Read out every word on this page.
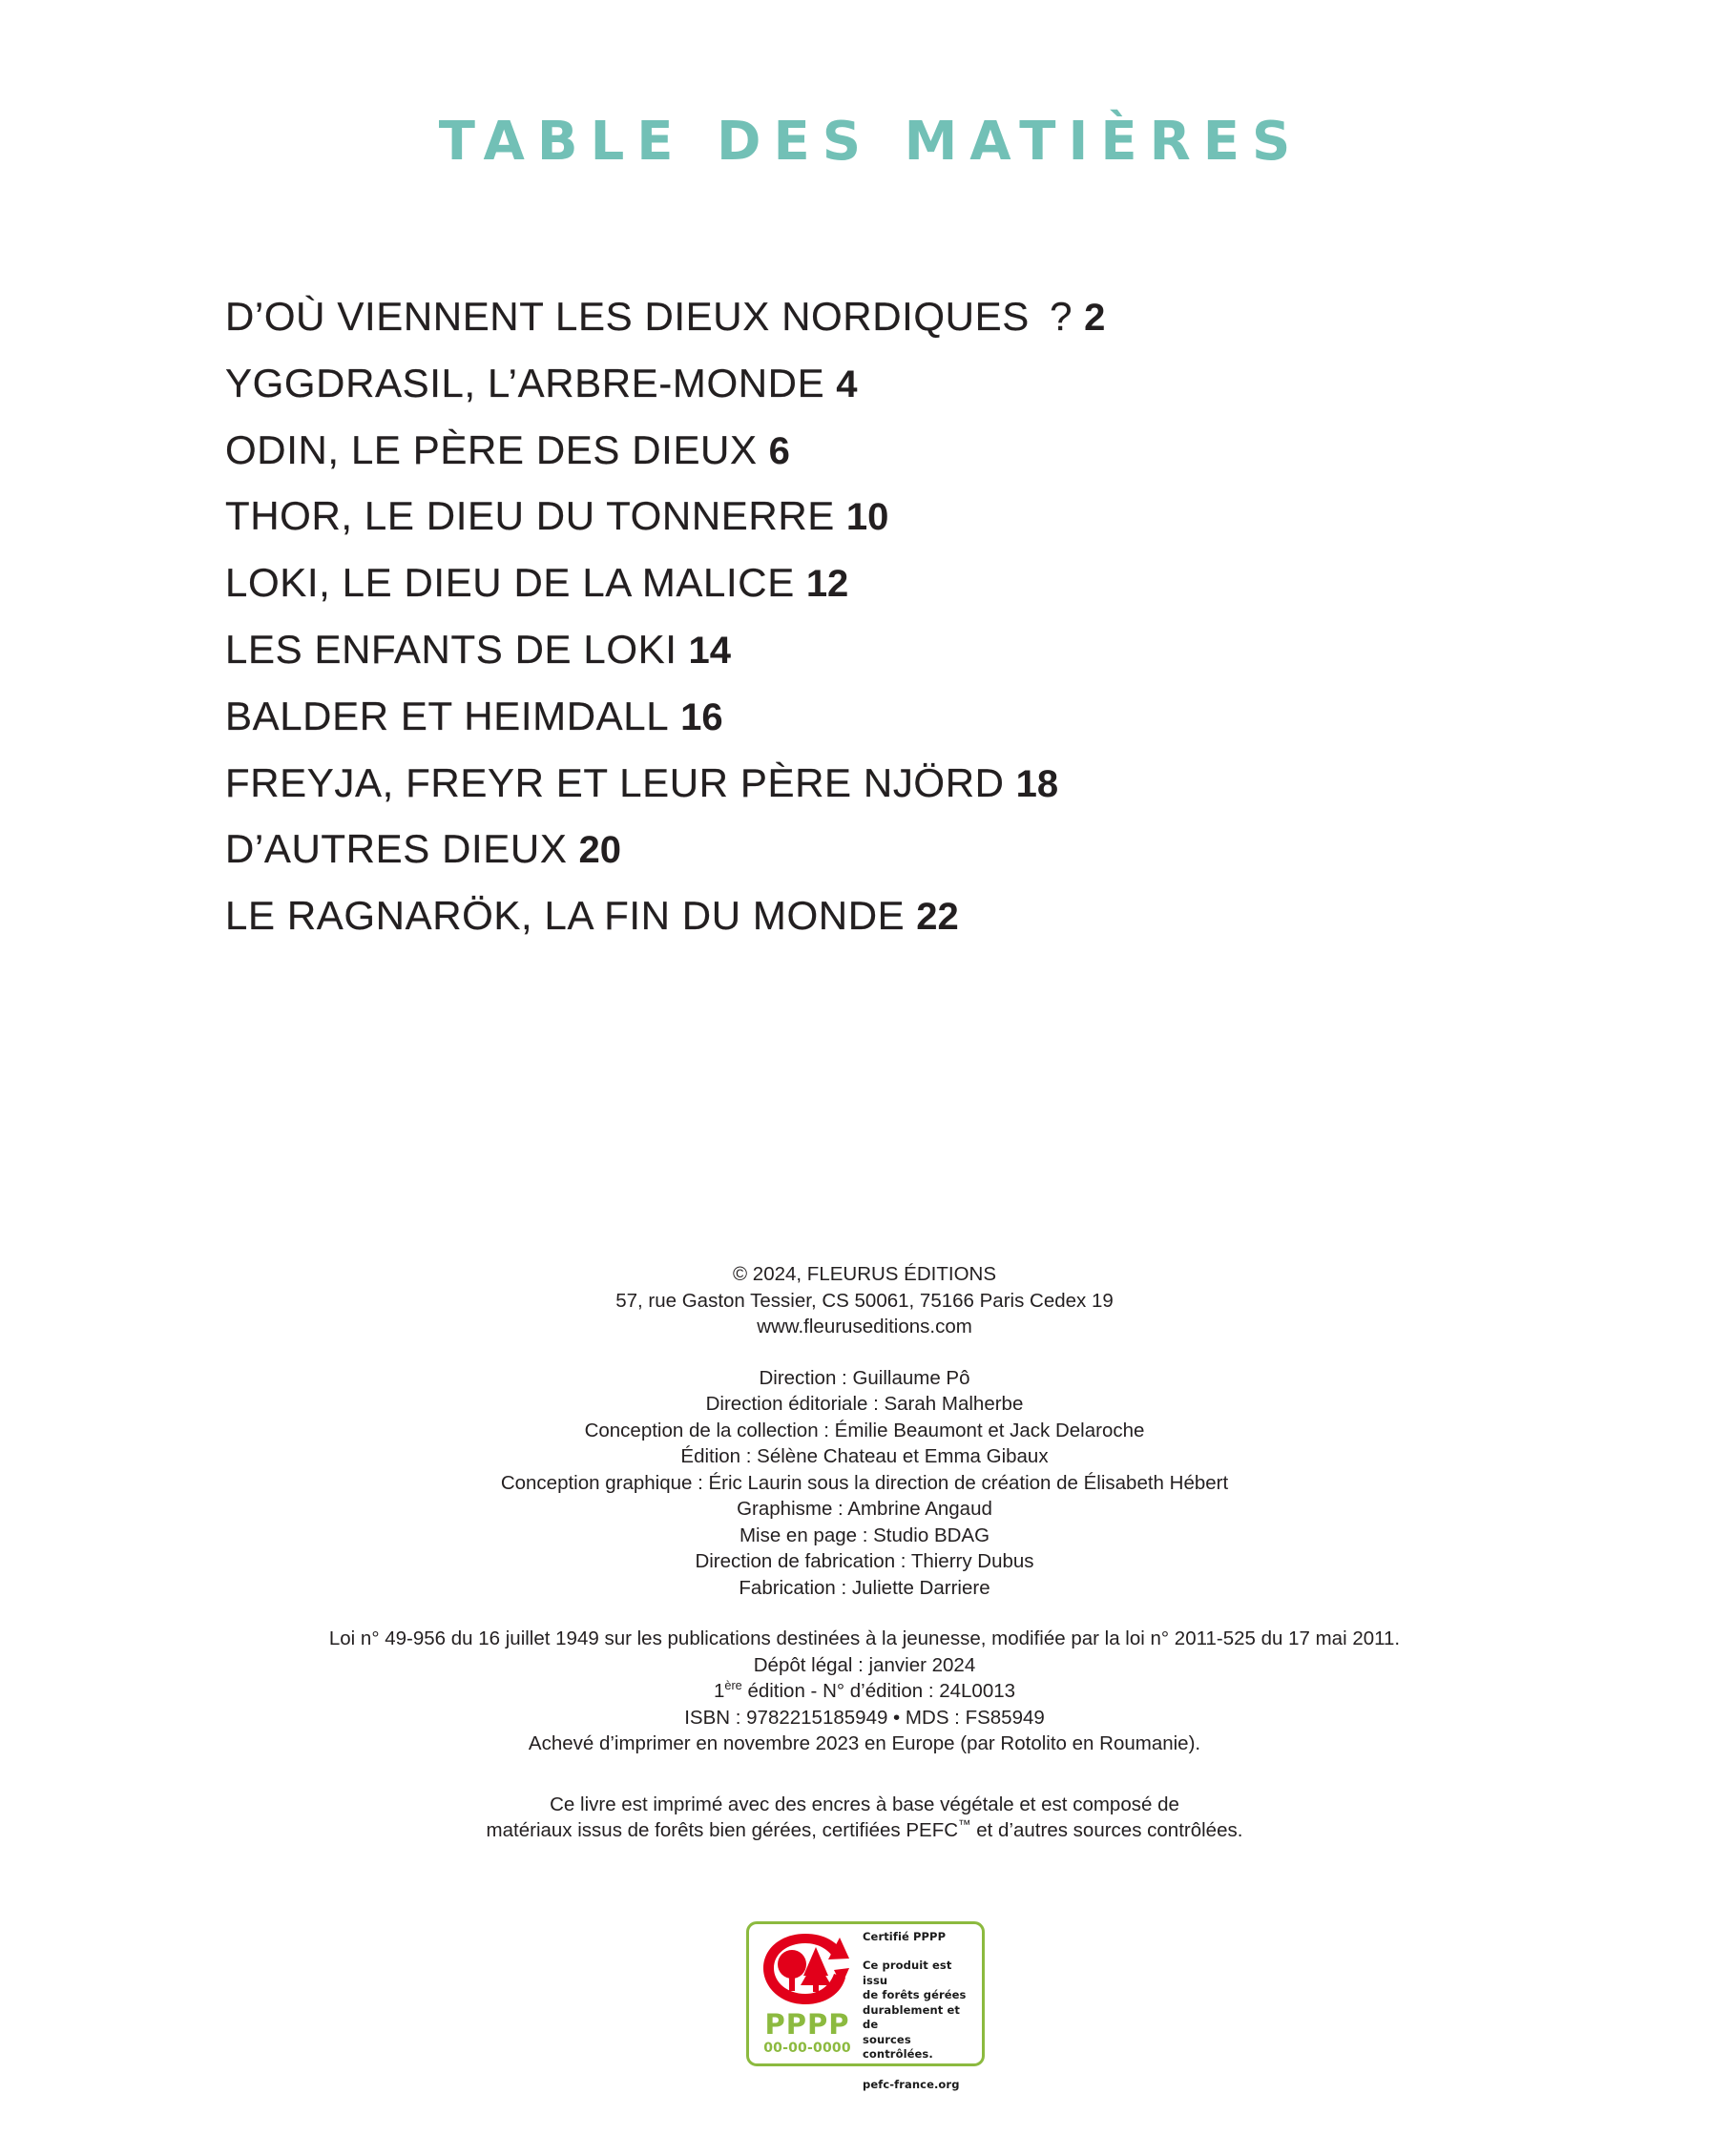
TABLE DES MATIÈRES
D’OÙ VIENNENT LES DIEUX NORDIQUES  ? 2
YGGDRASIL, L’ARBRE-MONDE 4
ODIN, LE PÈRE DES DIEUX 6
THOR, LE DIEU DU TONNERRE 10
LOKI, LE DIEU DE LA MALICE 12
LES ENFANTS DE LOKI 14
BALDER ET HEIMDALL 16
FREYJA, FREYR ET LEUR PÈRE NJÖRD 18
D’AUTRES DIEUX 20
LE RAGNARÖK, LA FIN DU MONDE 22
© 2024, FLEURUS ÉDITIONS
57, rue Gaston Tessier, CS 50061, 75166 Paris Cedex 19
www.fleuruseditions.com
Direction : Guillaume Pô
Direction éditoriale : Sarah Malherbe
Conception de la collection : Émilie Beaumont et Jack Delaroche
Édition : Sélène Chateau et Emma Gibaux
Conception graphique : Éric Laurin sous la direction de création de Élisabeth Hébert
Graphisme : Ambrine Angaud
Mise en page : Studio BDAG
Direction de fabrication : Thierry Dubus
Fabrication : Juliette Darriere
Loi n° 49-956 du 16 juillet 1949 sur les publications destinées à la jeunesse, modifiée par la loi n° 2011-525 du 17 mai 2011.
Dépôt légal : janvier 2024
1ère édition - N° d’édition : 24L0013
ISBN : 9782215185949 • MDS : FS85949
Achevé d’imprimer en novembre 2023 en Europe (par Rotolito en Roumanie).
Ce livre est imprimé avec des encres à base végétale et est composé de
matériaux issus de forêts bien gérées, certifiées PEFC™ et d’autres sources contrôlées.
PPPP
00-00-0000
Certifié PPPP
Ce produit est issu
de forêts gérées
durablement et de
sources contrôlées.
pefc-france.org
